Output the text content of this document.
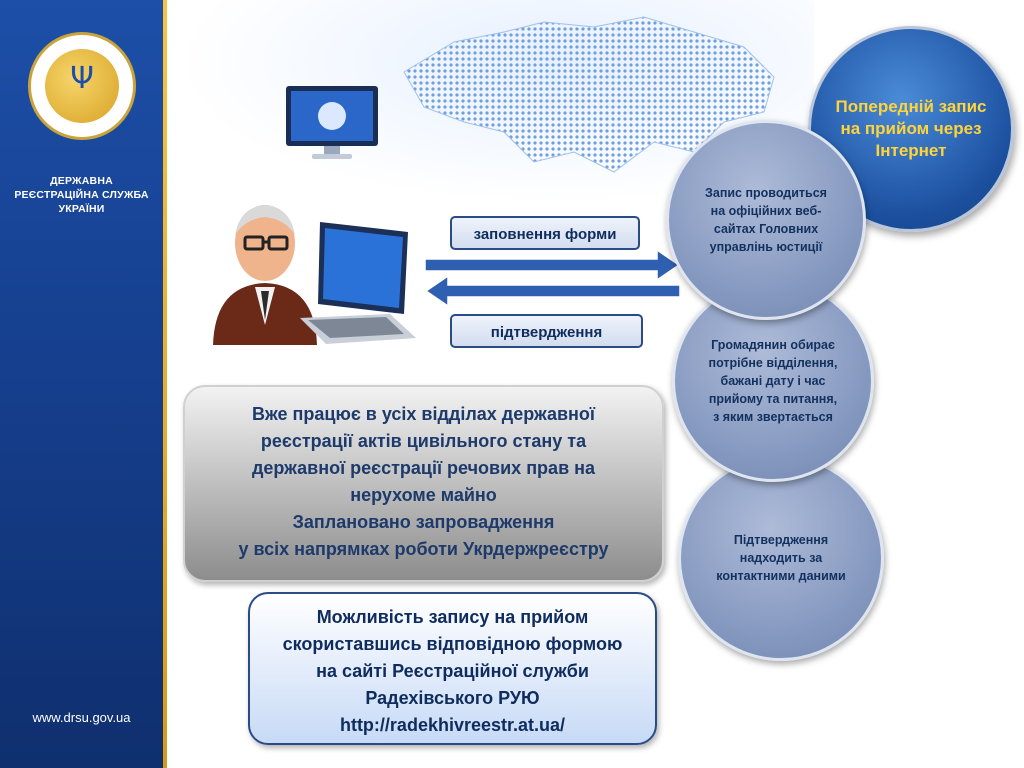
Ψ
ДЕРЖАВНА
РЕЄСТРАЦІЙНА СЛУЖБА
УКРАЇНИ
www.drsu.gov.ua
заповнення форми
підтвердження
Підтвердження надходить за контактними даними
Громадянин обирає потрібне відділення, бажані дату і час прийому та питання, з яким звертається
Попередній запис на прийом через Інтернет
Запис проводиться на офіційних веб-сайтах Головних управлінь юстиції
Вже працює в усіх відділах державної
реєстрації актів цивільного стану та
державної реєстрації речових прав на
нерухоме майно
Заплановано запровадження
у всіх напрямках роботи Укрдержреєстру
Можливість запису на прийом
скориставшись відповідною формою
на сайті Реєстраційної служби
Радехівського РУЮ
http://radekhivreestr.at.ua/
